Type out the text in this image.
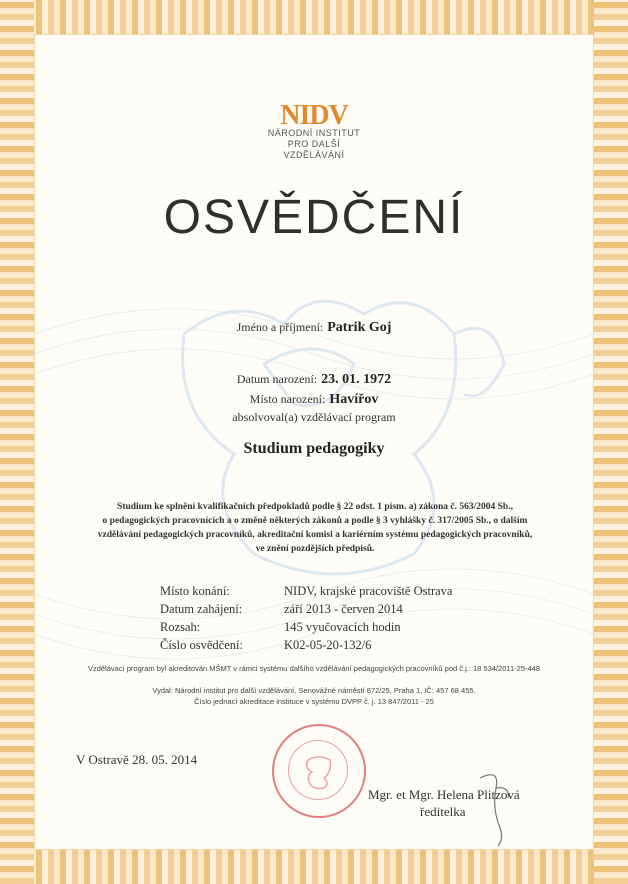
NIDV
NÁRODNÍ INSTITUT
PRO DALŠÍ
VZDĚLÁVÁNÍ
OSVĚDČENÍ
Jméno a příjmení: Patrik Goj
Datum narození: 23. 01. 1972
Místo narození: Havířov
absolvoval(a) vzdělávací program
Studium pedagogiky
Studium ke splnění kvalifikačních předpokladů podle § 22 odst. 1 písm. a) zákona č. 563/2004 Sb.,
o pedagogických pracovnících a o změně některých zákonů a podle § 3 vyhlášky č. 317/2005 Sb., o dalším
vzdělávání pedagogických pracovníků, akreditační komisi a kariérním systému pedagogických pracovníků,
ve znění pozdějších předpisů.
Místo konání:	NIDV, krajské pracoviště Ostrava
Datum zahájení:	září 2013 - červen 2014
Rozsah:	145 vyučovacích hodin
Číslo osvědčení:	K02-05-20-132/6
Vzdělávací program byl akreditován MŠMT v rámci systému dalšího vzdělávání pedagogických pracovníků pod č.j.: 18 534/2011-25-448
Vydal: Národní institut pro další vzdělávání, Senovážné náměstí 872/25, Praha 1, IČ: 457 68 455.
Číslo jednací akreditace instituce v systému DVPP č. j. 13 847/2011 - 25
V Ostravě 28. 05. 2014
Mgr. et Mgr. Helena Plitzová
ředitelka
